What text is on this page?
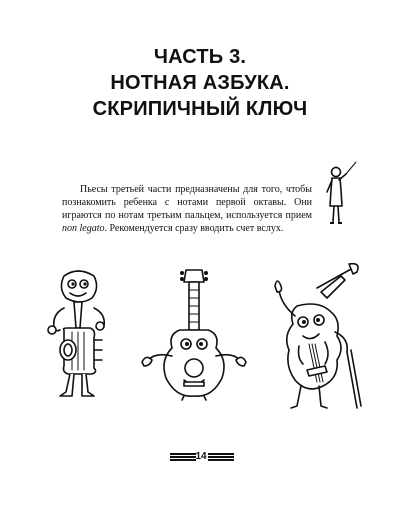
ЧАСТЬ 3.
НОТНАЯ АЗБУКА.
СКРИПИЧНЫЙ КЛЮЧ

Пьесы третьей части предназначены для того, чтобы познакомить ребенка с нотами первой октавы. Они играются по нотам третьим пальцем, используется прием non legato. Рекомендуется сразу вводить счет вслух.

14
